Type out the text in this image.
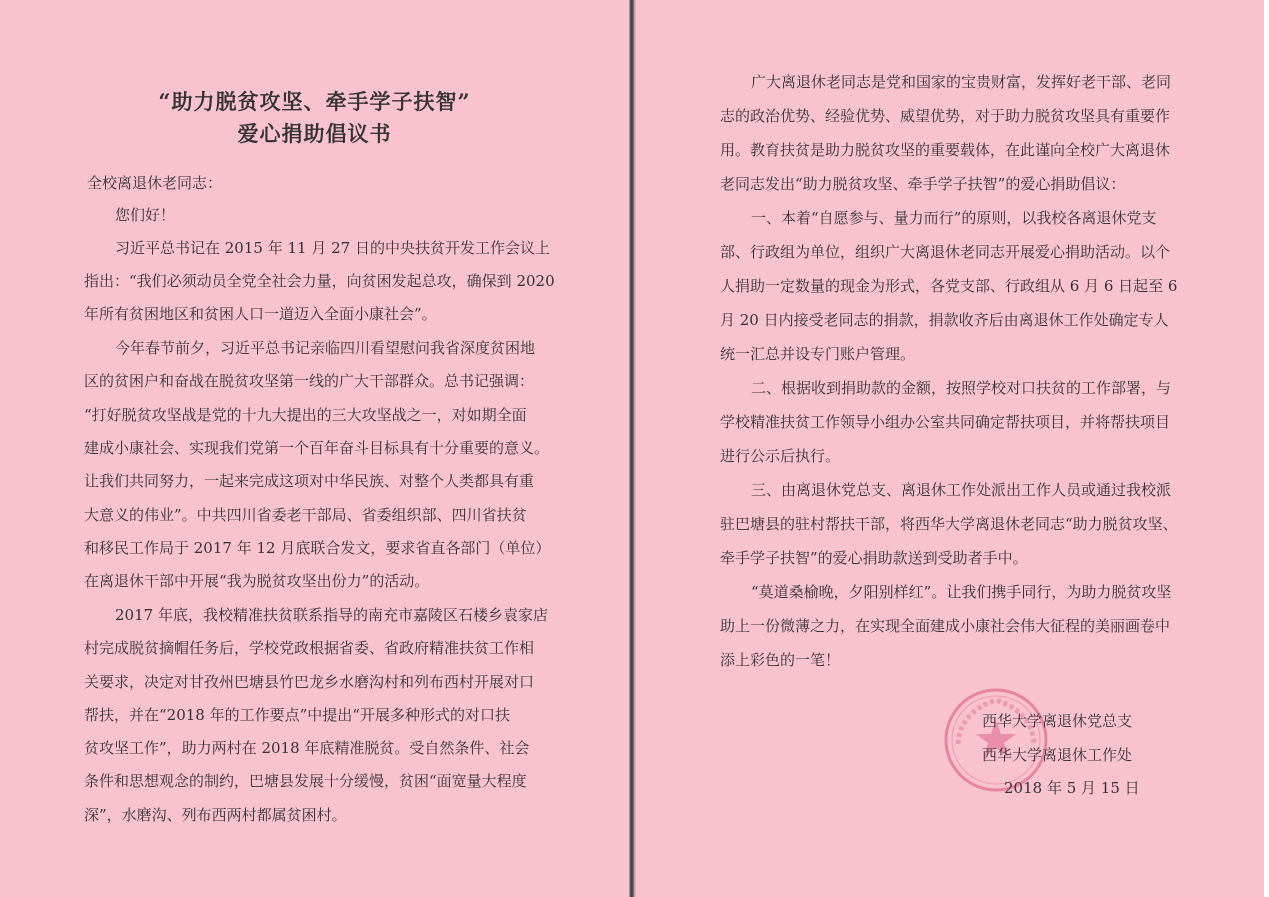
“助力脱贫攻坚、牵手学子扶智”
爱心捐助倡议书
全校离退休老同志：
您们好！
习近平总书记在 2015 年 11 月 27 日的中央扶贫开发工作会议上
指出：“我们必须动员全党全社会力量，向贫困发起总攻，确保到 2020
年所有贫困地区和贫困人口一道迈入全面小康社会”。
今年春节前夕，习近平总书记亲临四川看望慰问我省深度贫困地
区的贫困户和奋战在脱贫攻坚第一线的广大干部群众。总书记强调：
“打好脱贫攻坚战是党的十九大提出的三大攻坚战之一，对如期全面
建成小康社会、实现我们党第一个百年奋斗目标具有十分重要的意义。
让我们共同努力，一起来完成这项对中华民族、对整个人类都具有重
大意义的伟业”。中共四川省委老干部局、省委组织部、四川省扶贫
和移民工作局于 2017 年 12 月底联合发文，要求省直各部门（单位）
在离退休干部中开展“我为脱贫攻坚出份力”的活动。
2017 年底，我校精准扶贫联系指导的南充市嘉陵区石楼乡袁家店
村完成脱贫摘帽任务后，学校党政根据省委、省政府精准扶贫工作相
关要求，决定对甘孜州巴塘县竹巴龙乡水磨沟村和列布西村开展对口
帮扶，并在“2018 年的工作要点”中提出“开展多种形式的对口扶
贫攻坚工作”，助力两村在 2018 年底精准脱贫。受自然条件、社会
条件和思想观念的制约，巴塘县发展十分缓慢，贫困“面宽量大程度
深”，水磨沟、列布西两村都属贫困村。
广大离退休老同志是党和国家的宝贵财富，发挥好老干部、老同
志的政治优势、经验优势、威望优势，对于助力脱贫攻坚具有重要作
用。教育扶贫是助力脱贫攻坚的重要载体，在此谨向全校广大离退休
老同志发出“助力脱贫攻坚、牵手学子扶智”的爱心捐助倡议：
一、本着“自愿参与、量力而行”的原则，以我校各离退休党支
部、行政组为单位，组织广大离退休老同志开展爱心捐助活动。以个
人捐助一定数量的现金为形式，各党支部、行政组从 6 月 6 日起至 6
月 20 日内接受老同志的捐款，捐款收齐后由离退休工作处确定专人
统一汇总并设专门账户管理。
二、根据收到捐助款的金额，按照学校对口扶贫的工作部署，与
学校精准扶贫工作领导小组办公室共同确定帮扶项目，并将帮扶项目
进行公示后执行。
三、由离退休党总支、离退休工作处派出工作人员或通过我校派
驻巴塘县的驻村帮扶干部，将西华大学离退休老同志“助力脱贫攻坚、
牵手学子扶智”的爱心捐助款送到受助者手中。
“莫道桑榆晚，夕阳别样红”。让我们携手同行，为助力脱贫攻坚
助上一份微薄之力，在实现全面建成小康社会伟大征程的美丽画卷中
添上彩色的一笔！
西华大学离退休党总支
西华大学离退休工作处
2018 年 5 月 15 日
